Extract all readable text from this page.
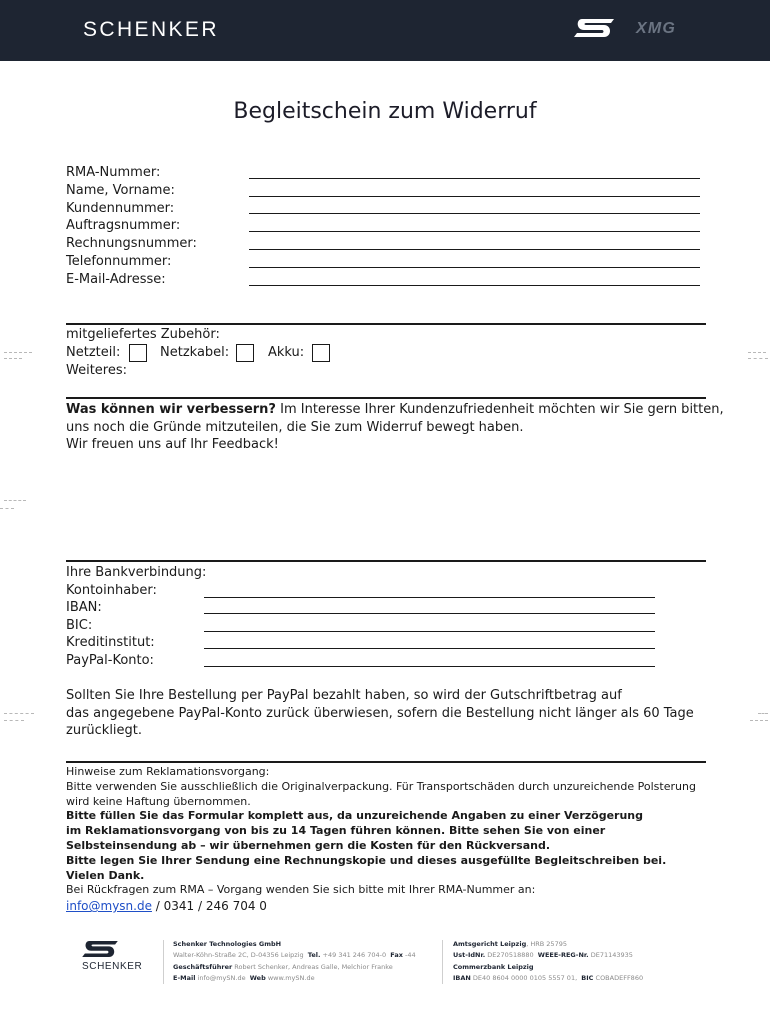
SCHENKER	XMG
Begleitschein zum Widerruf
RMA-Nummer:
Name, Vorname:
Kundennummer:
Auftragsnummer:
Rechnungsnummer:
Telefonnummer:
E-Mail-Adresse:
mitgeliefertes Zubehör:
Netzteil:	Netzkabel:	Akku:
Weiteres:
Was können wir verbessern? Im Interesse Ihrer Kundenzufriedenheit möchten wir Sie gern bitten,
uns noch die Gründe mitzuteilen, die Sie zum Widerruf bewegt haben.
Wir freuen uns auf Ihr Feedback!
Ihre Bankverbindung:
Kontoinhaber:
IBAN:
BIC:
Kreditinstitut:
PayPal-Konto:
Sollten Sie Ihre Bestellung per PayPal bezahlt haben, so wird der Gutschriftbetrag auf
das angegebene PayPal-Konto zurück überwiesen, sofern die Bestellung nicht länger als 60 Tage
zurückliegt.
Hinweise zum Reklamationsvorgang:
Bitte verwenden Sie ausschließlich die Originalverpackung. Für Transportschäden durch unzureichende Polsterung
wird keine Haftung übernommen.
Bitte füllen Sie das Formular komplett aus, da unzureichende Angaben zu einer Verzögerung
im Reklamationsvorgang von bis zu 14 Tagen führen können. Bitte sehen Sie von einer
Selbsteinsendung ab – wir übernehmen gern die Kosten für den Rückversand.
Bitte legen Sie Ihrer Sendung eine Rechnungskopie und dieses ausgefüllte Begleitschreiben bei.
Vielen Dank.
Bei Rückfragen zum RMA – Vorgang wenden Sie sich bitte mit Ihrer RMA-Nummer an:
info@mysn.de / 0341 / 246 704 0
SCHENKER
Schenker Technologies GmbH
Walter-Köhn-Straße 2C, D-04356 Leipzig Tel. +49 341 246 704-0 Fax -44
Geschäftsführer Robert Schenker, Andreas Galle, Melchior Franke
E-Mail info@mySN.de Web www.mySN.de
Amtsgericht Leipzig, HRB 25795
Ust-IdNr. DE270518880 WEEE-REG-Nr. DE71143935
Commerzbank Leipzig
IBAN DE40 8604 0000 0105 5557 01, BIC COBADEFF860
